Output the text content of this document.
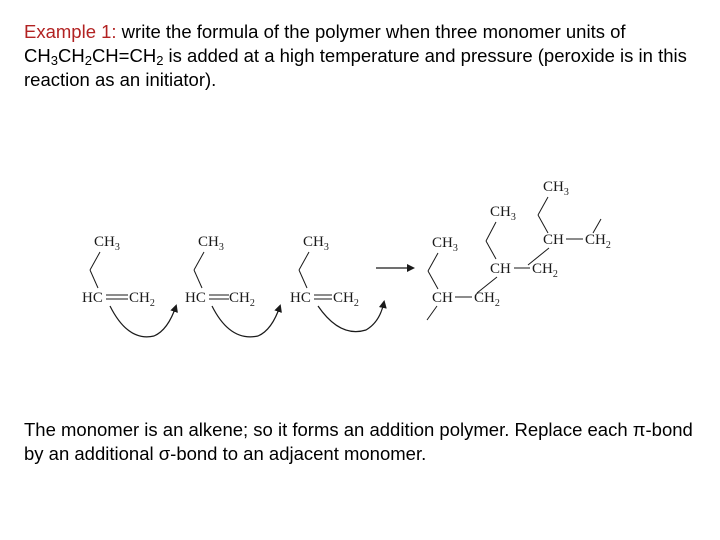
Example 1: write the formula of the polymer when three monomer units of $CH_3CH_2CH=CH_2$ is added at a high temperature and pressure (peroxide is in this reaction as an initiator).

$CH_3$
HC $CH_2$
$CH_3$
HC $CH_2$
$CH_3$
HC $CH_2$
$CH_3$
CH $CH_2$
$CH_3$
CH $CH_2$
$CH_3$
CH $CH_2$

The monomer is an alkene; so it forms an addition polymer. Replace each π-bond by an additional σ-bond to an adjacent monomer.
